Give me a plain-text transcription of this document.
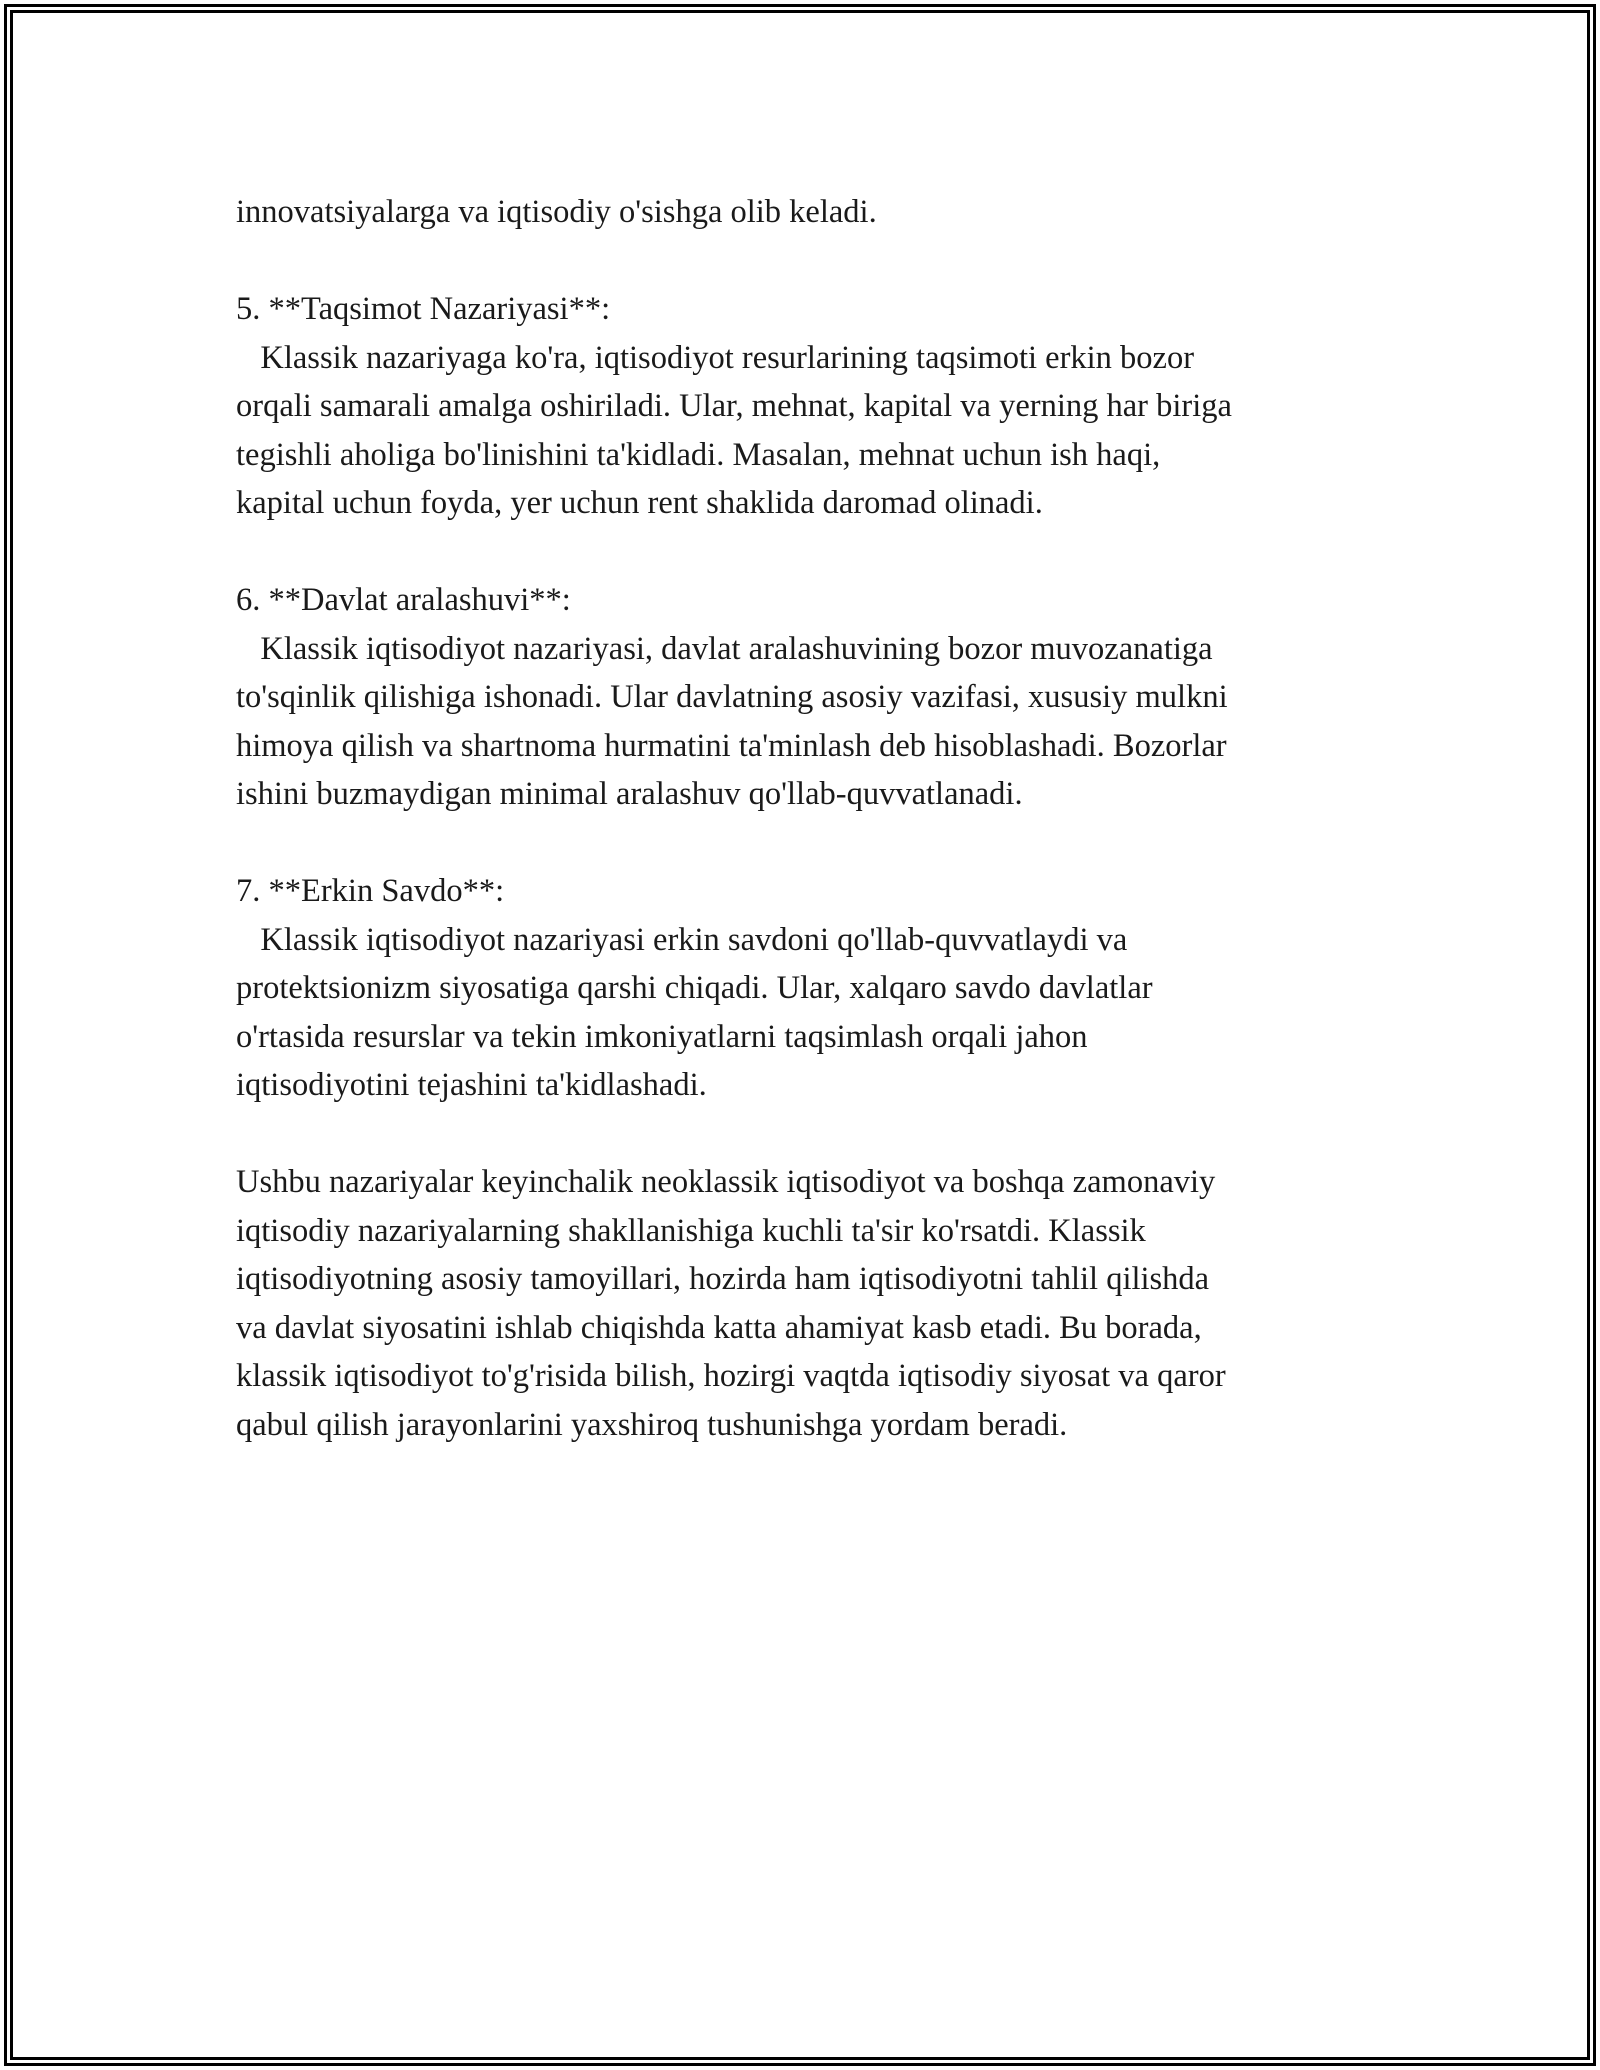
innovatsiyalarga va iqtisodiy o'sishga olib keladi.
5. **Taqsimot Nazariyasi**:
Klassik nazariyaga ko'ra, iqtisodiyot resurlarining taqsimoti erkin bozor
orqali samarali amalga oshiriladi. Ular, mehnat, kapital va yerning har biriga
tegishli aholiga bo'linishini ta'kidladi. Masalan, mehnat uchun ish haqi,
kapital uchun foyda, yer uchun rent shaklida daromad olinadi.
6. **Davlat aralashuvi**:
Klassik iqtisodiyot nazariyasi, davlat aralashuvining bozor muvozanatiga
to'sqinlik qilishiga ishonadi. Ular davlatning asosiy vazifasi, xususiy mulkni
himoya qilish va shartnoma hurmatini ta'minlash deb hisoblashadi. Bozorlar
ishini buzmaydigan minimal aralashuv qo'llab-quvvatlanadi.
7. **Erkin Savdo**:
Klassik iqtisodiyot nazariyasi erkin savdoni qo'llab-quvvatlaydi va
protektsionizm siyosatiga qarshi chiqadi. Ular, xalqaro savdo davlatlar
o'rtasida resurslar va tekin imkoniyatlarni taqsimlash orqali jahon
iqtisodiyotini tejashini ta'kidlashadi.
Ushbu nazariyalar keyinchalik neoklassik iqtisodiyot va boshqa zamonaviy
iqtisodiy nazariyalarning shakllanishiga kuchli ta'sir ko'rsatdi. Klassik
iqtisodiyotning asosiy tamoyillari, hozirda ham iqtisodiyotni tahlil qilishda
va davlat siyosatini ishlab chiqishda katta ahamiyat kasb etadi. Bu borada,
klassik iqtisodiyot to'g'risida bilish, hozirgi vaqtda iqtisodiy siyosat va qaror
qabul qilish jarayonlarini yaxshiroq tushunishga yordam beradi.
